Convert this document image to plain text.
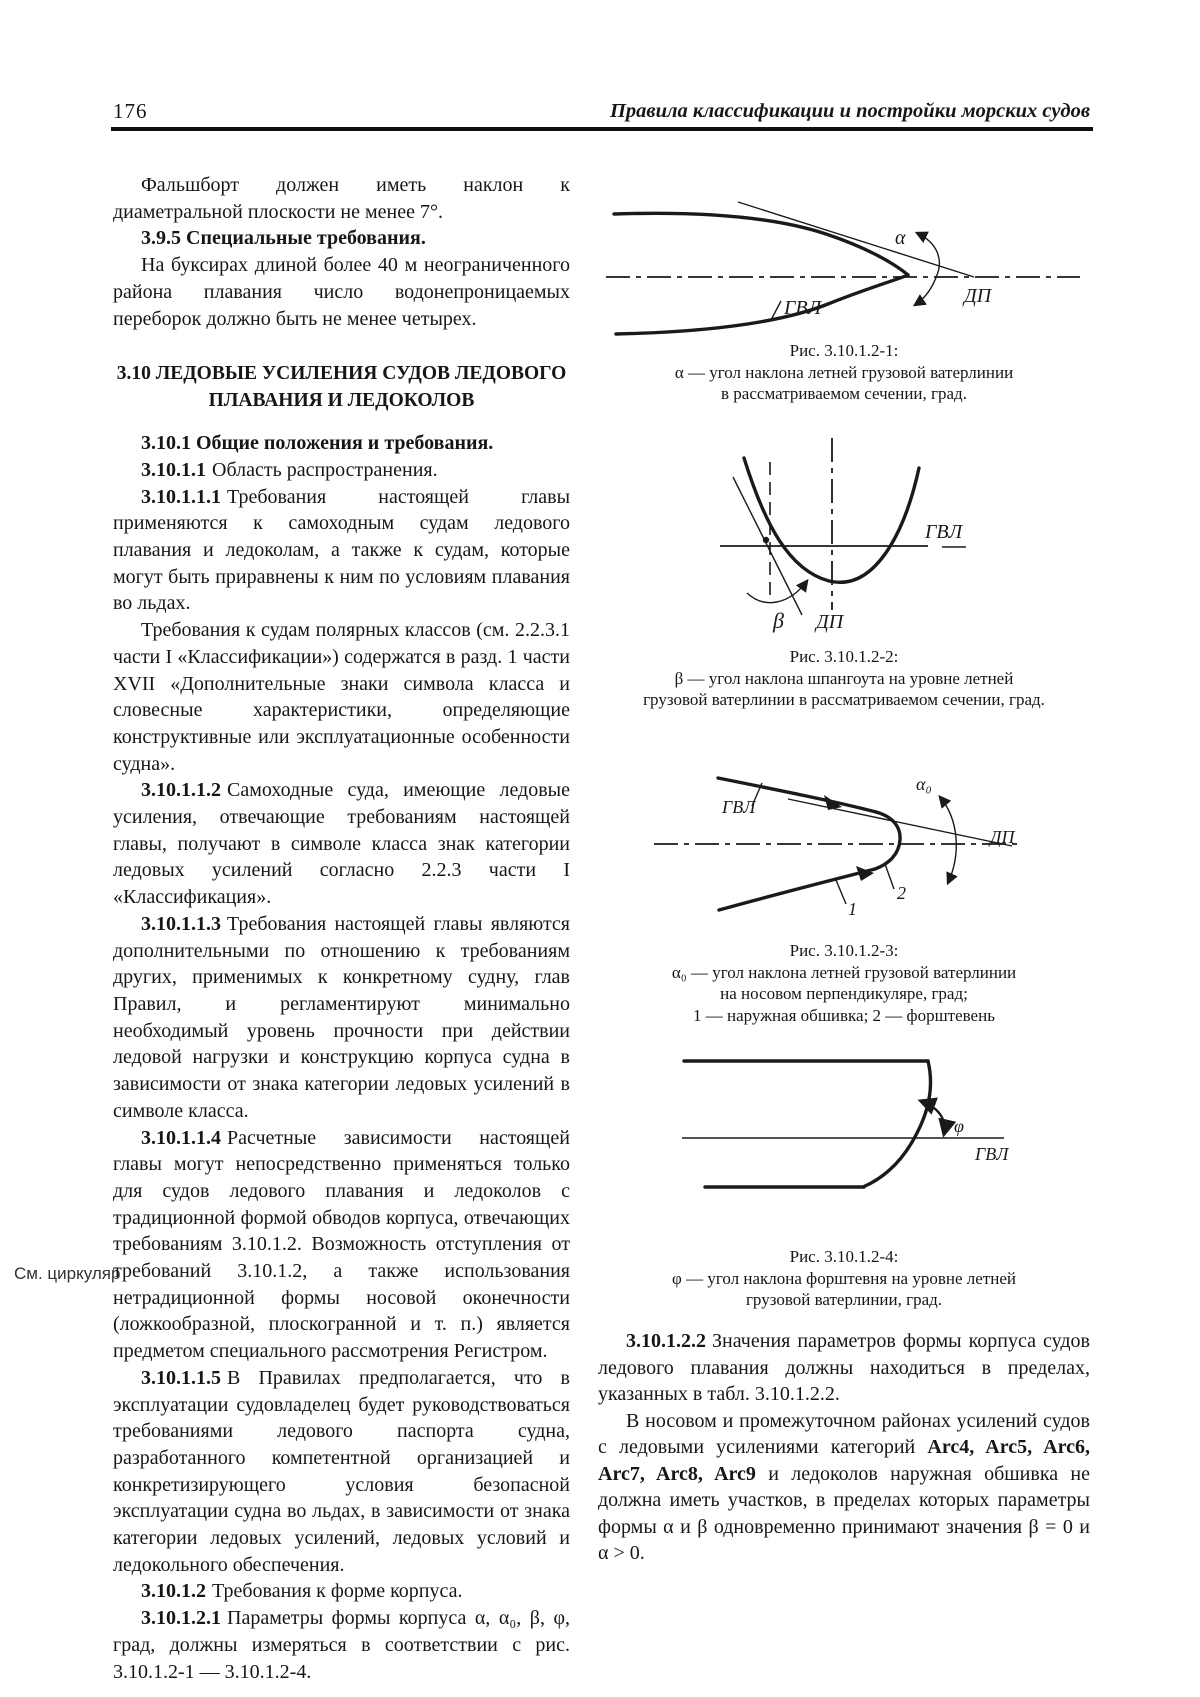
176	Правила классификации и постройки морских судов
См. циркуляр

Фальшборт должен иметь наклон к диаметральной плоскости не менее 7°.

3.9.5 Специальные требования.

На буксирах длиной более 40 м неограниченного района плавания число водонепроницаемых переборок должно быть не менее четырех.

3.10 ЛЕДОВЫЕ УСИЛЕНИЯ СУДОВ ЛЕДОВОГО
ПЛАВАНИЯ И ЛЕДОКОЛОВ

3.10.1 Общие положения и требования.

3.10.1.1 Область распространения.

3.10.1.1.1 Требования настоящей главы применяются к самоходным судам ледового плавания и ледоколам, а также к судам, которые могут быть приравнены к ним по условиям плавания во льдах.

Требования к судам полярных классов (см. 2.2.3.1 части I «Классификации») содержатся в разд. 1 части XVII «Дополнительные знаки символа класса и словесные характеристики, определяющие конструктивные или эксплуатационные особенности судна».

3.10.1.1.2 Самоходные суда, имеющие ледовые усиления, отвечающие требованиям настоящей главы, получают в символе класса знак категории ледовых усилений согласно 2.2.3 части I «Классификация».

3.10.1.1.3 Требования настоящей главы являются дополнительными по отношению к требованиям других, применимых к конкретному судну, глав Правил, и регламентируют минимально необходимый уровень прочности при действии ледовой нагрузки и конструкцию корпуса судна в зависимости от знака категории ледовых усилений в символе класса.

3.10.1.1.4 Расчетные зависимости настоящей главы могут непосредственно применяться только для судов ледового плавания и ледоколов с традиционной формой обводов корпуса, отвечающих требованиям 3.10.1.2. Возможность отступления от требований 3.10.1.2, а также использования нетрадиционной формы носовой оконечности (ложкообразной, плоскогранной и т. п.) является предметом специального рассмотрения Регистром.

3.10.1.1.5 В Правилах предполагается, что в эксплуатации судовладелец будет руководствоваться требованиями ледового паспорта судна, разработанного компетентной организацией и конкретизирующего условия безопасной эксплуатации судна во льдах, в зависимости от знака категории ледовых усилений, ледовых условий и ледокольного обеспечения.

3.10.1.2 Требования к форме корпуса.

3.10.1.2.1 Параметры формы корпуса α, α₀, β, φ, град, должны измеряться в соответствии с рис. 3.10.1.2-1 — 3.10.1.2-4.

α
ГВЛ
ДП

Рис. 3.10.1.2-1:

α — угол наклона летней грузовой ватерлинии

в рассматриваемом сечении, град.

ГВЛ
β ДП

Рис. 3.10.1.2-2:

β — угол наклона шпангоута на уровне летней

грузовой ватерлинии в рассматриваемом сечении, град.

ГВЛ
α₀
ДП
1
2

Рис. 3.10.1.2-3:

α₀ — угол наклона летней грузовой ватерлинии

на носовом перпендикуляре, град;

1 — наружная обшивка; 2 — форштевень

φ
ГВЛ

Рис. 3.10.1.2-4:

φ — угол наклона форштевня на уровне летней

грузовой ватерлинии, град.

3.10.1.2.2 Значения параметров формы корпуса судов ледового плавания должны находиться в пределах, указанных в табл. 3.10.1.2.2.

В носовом и промежуточном районах усилений судов с ледовыми усилениями категорий Arc4, Arc5, Arc6, Arc7, Arc8, Arc9 и ледоколов наружная обшивка не должна иметь участков, в пределах которых параметры формы α и β одновременно принимают значения β = 0 и α > 0.
